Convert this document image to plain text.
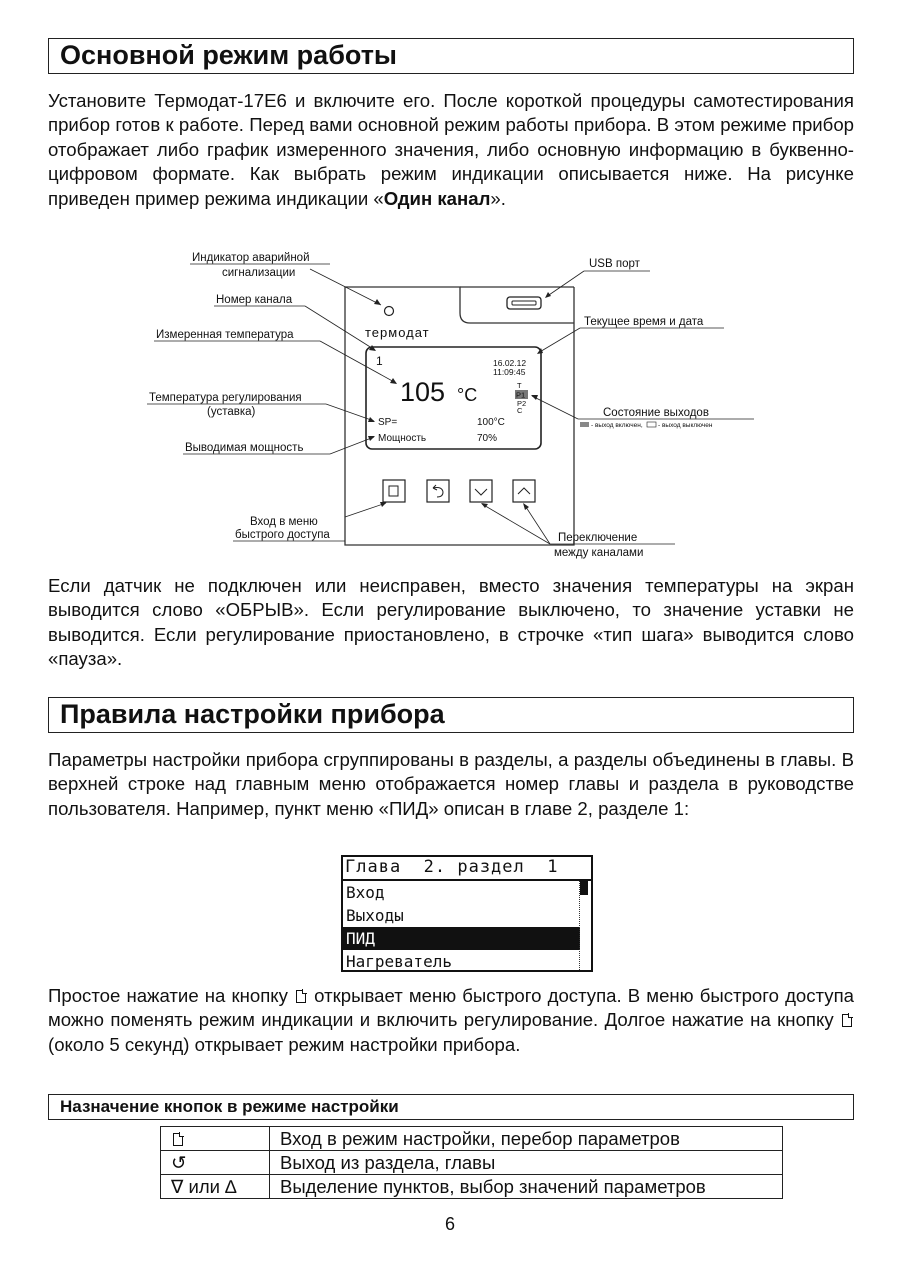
Основной режим работы

Установите Термодат-17Е6 и включите его. После короткой процедуры самотестирования прибор готов к работе. Перед вами основной режим работы прибора. В этом режиме прибор отображает либо график измеренного значения, либо основную информацию в буквенно-цифровом формате. Как выбрать режим индикации описывается ниже. На рисунке приведен пример режима индикации «Один канал».

термодат
1	16.02.12
11:09:45
105 °C	T
P1
P2
C
SP=	100°C
Мощность	70%
Индикатор аварийной
сигнализации
Номер канала
Измеренная температура
Температура регулирования
(уставка)
Выводимая мощность
Вход в меню
быстрого доступа
USB порт
Текущее время и дата
Состояние выходов
- выход включен, - выход выключен
Переключение
между каналами

Если датчик не подключен или неисправен, вместо значения температуры на экран выводится слово «ОБРЫВ». Если регулирование выключено, то значение уставки не выводится. Если регулирование приостановлено, в строчке «тип шага» выводится слово «пауза».

Правила настройки прибора

Параметры настройки прибора сгруппированы в разделы, а разделы объединены в главы. В верхней строке над главным меню отображается номер главы и раздела в руководстве пользователя. Например, пункт меню «ПИД» описан в главе 2, разделе 1:

Глава  2. раздел  1
Вход
Выходы
ПИД
Нагреватель

Простое нажатие на кнопку открывает меню быстрого доступа. В меню быстрого доступа можно поменять режим индикации и включить регулирование. Долгое нажатие на кнопку  (около 5 секунд) открывает режим настройки прибора.

Назначение кнопок в режиме настройки
	Вход в режим настройки, перебор параметров
↺	Выход из раздела, главы
∇ или ∆	Выделение пунктов, выбор значений параметров
6
